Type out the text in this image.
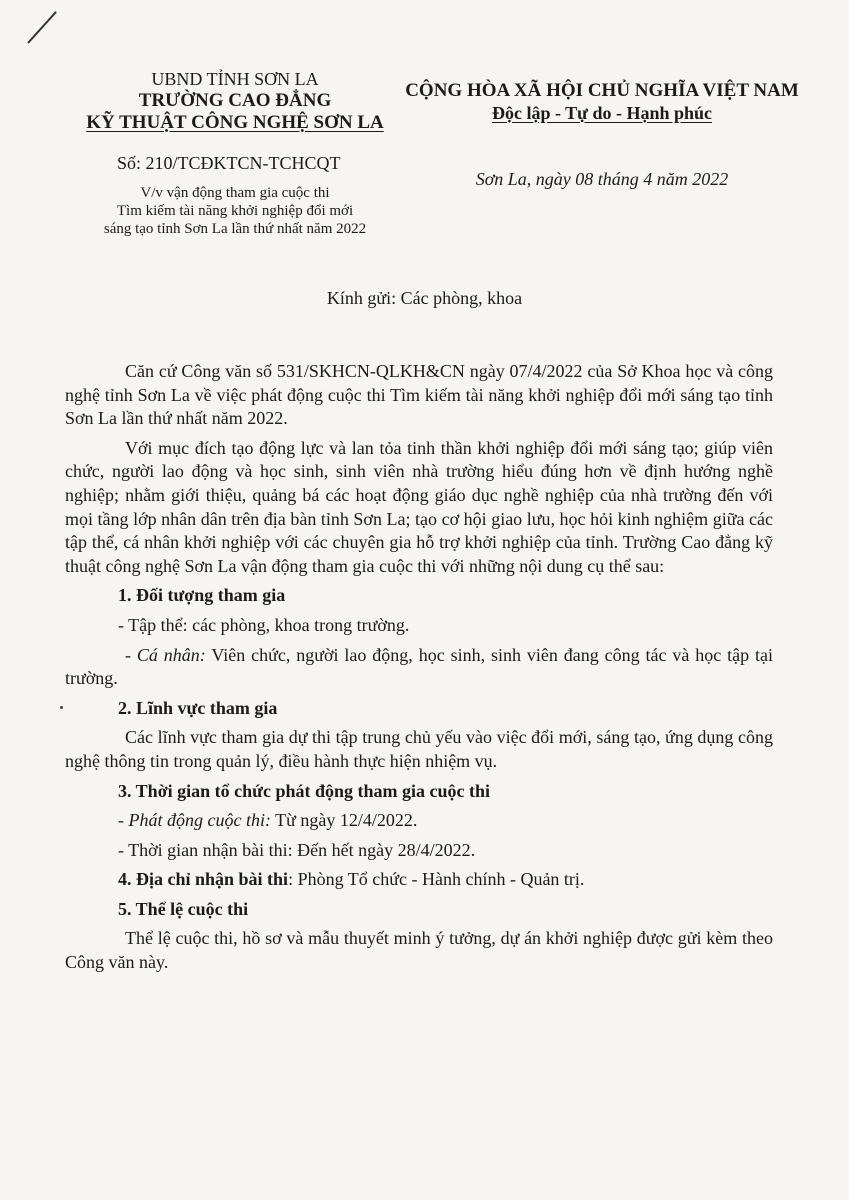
UBND TỈNH SƠN LA
TRƯỜNG CAO ĐẲNG
KỸ THUẬT CÔNG NGHỆ SƠN LA
Số: 210/TCĐKTCN-TCHCQT
V/v vận động tham gia cuộc thi
Tìm kiếm tài năng khởi nghiệp đổi mới
sáng tạo tỉnh Sơn La lần thứ nhất năm 2022
CỘNG HÒA XÃ HỘI CHỦ NGHĨA VIỆT NAM
Độc lập - Tự do - Hạnh phúc
Sơn La, ngày 08 tháng 4 năm 2022
Kính gửi: Các phòng, khoa

Căn cứ Công văn số 531/SKHCN-QLKH&CN ngày 07/4/2022 của Sở Khoa học và công nghệ tỉnh Sơn La về việc phát động cuộc thi Tìm kiếm tài năng khởi nghiệp đổi mới sáng tạo tỉnh Sơn La lần thứ nhất năm 2022.

Với mục đích tạo động lực và lan tỏa tinh thần khởi nghiệp đổi mới sáng tạo; giúp viên chức, người lao động và học sinh, sinh viên nhà trường hiểu đúng hơn về định hướng nghề nghiệp; nhằm giới thiệu, quảng bá các hoạt động giáo dục nghề nghiệp của nhà trường đến với mọi tầng lớp nhân dân trên địa bàn tỉnh Sơn La; tạo cơ hội giao lưu, học hỏi kinh nghiệm giữa các tập thể, cá nhân khởi nghiệp với các chuyên gia hỗ trợ khởi nghiệp của tỉnh. Trường Cao đẳng kỹ thuật công nghệ Sơn La vận động tham gia cuộc thi với những nội dung cụ thể sau:

1. Đối tượng tham gia

- Tập thể: các phòng, khoa trong trường.

- Cá nhân: Viên chức, người lao động, học sinh, sinh viên đang công tác và học tập tại trường.

2. Lĩnh vực tham gia

Các lĩnh vực tham gia dự thi tập trung chủ yếu vào việc đổi mới, sáng tạo, ứng dụng công nghệ thông tin trong quản lý, điều hành thực hiện nhiệm vụ.

3. Thời gian tổ chức phát động tham gia cuộc thi

- Phát động cuộc thi: Từ ngày 12/4/2022.

- Thời gian nhận bài thi: Đến hết ngày 28/4/2022.

4. Địa chỉ nhận bài thi: Phòng Tổ chức - Hành chính - Quản trị.

5. Thể lệ cuộc thi

Thể lệ cuộc thi, hồ sơ và mẫu thuyết minh ý tưởng, dự án khởi nghiệp được gửi kèm theo Công văn này.
